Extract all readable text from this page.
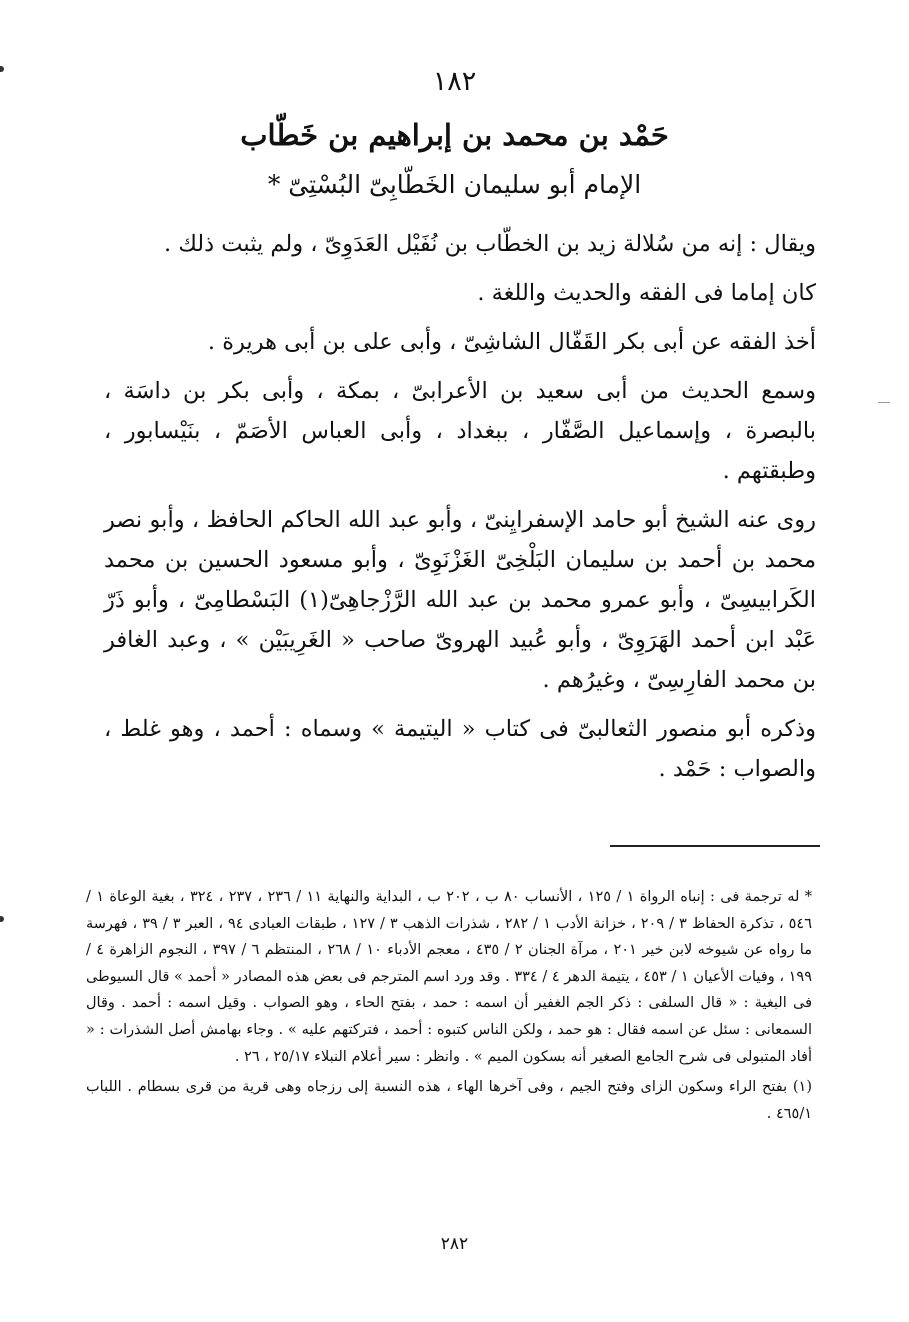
١٨٢
حَمْد بن محمد بن إبراهيم بن خَطّاب
الإمام أبو سليمان الخَطّابِىّ البُسْتِىّ *

ويقال : إنه من سُلالة زيد بن الخطّاب بن نُفَيْل العَدَوِىّ ، ولم يثبت ذلك .

كان إماما فى الفقه والحديث واللغة .

أخذ الفقه عن أبى بكر القَفّال الشاشِىّ ، وأبى على بن أبى هريرة .

وسمع الحديث من أبى سعيد بن الأعرابىّ ، بمكة ، وأبى بكر بن داسَة ، بالبصرة ، وإسماعيل الصَّفّار ، ببغداد ، وأبى العباس الأصَمّ ، بنَيْسابور ، وطبقتهم .

روى عنه الشيخ أبو حامد الإسفرايِنىّ ، وأبو عبد الله الحاكم الحافظ ، وأبو نصر محمد بن أحمد بن سليمان البَلْخِىّ الغَزْنَوِىّ ، وأبو مسعود الحسين بن محمد الكَرابيسِىّ ، وأبو عمرو محمد بن عبد الله الرَّزْجاهِىّ(١) البَسْطامِىّ ، وأبو ذَرّ عَبْد ابن أحمد الهَرَوِىّ ، وأبو عُبيد الهروىّ صاحب « الغَرِيبَيْن » ، وعبد الغافر بن محمد الفارِسِىّ ، وغيرُهم .

وذكره أبو منصور الثعالبىّ فى كتاب « اليتيمة » وسماه : أحمد ، وهو غلط ، والصواب : حَمْد .

* له ترجمة فى : إنباه الرواة ١ / ١٢٥ ، الأنساب ٨٠ ب ، ٢٠٢ ب ، البداية والنهاية ١١ / ٢٣٦ ، ٢٣٧ ، ٣٢٤ ، بغية الوعاة ١ / ٥٤٦ ، تذكرة الحفاظ ٣ / ٢٠٩ ، خزانة الأدب ١ / ٢٨٢ ، شذرات الذهب ٣ / ١٢٧ ، طبقات العبادى ٩٤ ، العبر ٣ / ٣٩ ، فهرسة ما رواه عن شيوخه لابن خير ٢٠١ ، مرآة الجنان ٢ / ٤٣٥ ، معجم الأدباء ١٠ / ٢٦٨ ، المنتظم ٦ / ٣٩٧ ، النجوم الزاهرة ٤ / ١٩٩ ، وفيات الأعيان ١ / ٤٥٣ ، يتيمة الدهر ٤ / ٣٣٤ . وقد ورد اسم المترجم فى بعض هذه المصادر « أحمد » قال السيوطى فى البغية : « قال السلفى : ذكر الجم الغفير أن اسمه : حمد ، بفتح الحاء ، وهو الصواب . وقيل اسمه : أحمد . وقال السمعانى : سئل عن اسمه فقال : هو حمد ، ولكن الناس كتبوه : أحمد ، فتركتهم عليه » . وجاء بهامش أصل الشذرات : « أفاد المتبولى فى شرح الجامع الصغير أنه بسكون الميم » . وانظر : سير أعلام النبلاء ٢٥/١٧ ، ٢٦ .

(١) بفتح الراء وسكون الزاى وفتح الجيم ، وفى آخرها الهاء ، هذه النسبة إلى رزجاه وهى قرية من قرى بسطام . اللباب ٤٦٥/١ .

٢٨٢
